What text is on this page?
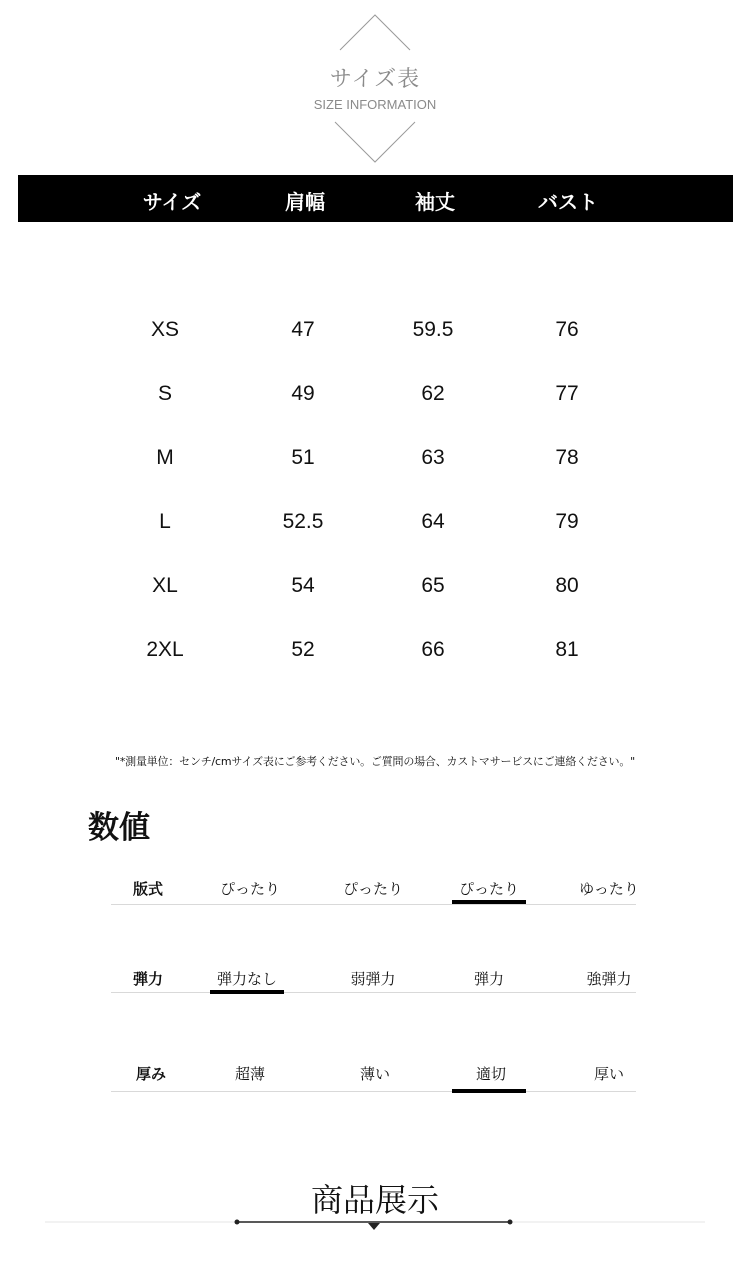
サイズ表
SIZE INFORMATION
サイズ	肩幅	袖丈	バスト
XS	47	59.5	76
S	49	62	77
M	51	63	78
L	52.5	64	79
XL	54	65	80
2XL	52	66	81
"*測量単位：センチ/cmサイズ表にご参考ください。ご質問の場合、カストマサービスにご連絡ください。"
数値
版式	ぴったり	ぴったり	ぴったり	ゆったり
弾力	弾力なし	弱弾力	弾力	強弾力
厚み	超薄	薄い	適切	厚い
商品展示
